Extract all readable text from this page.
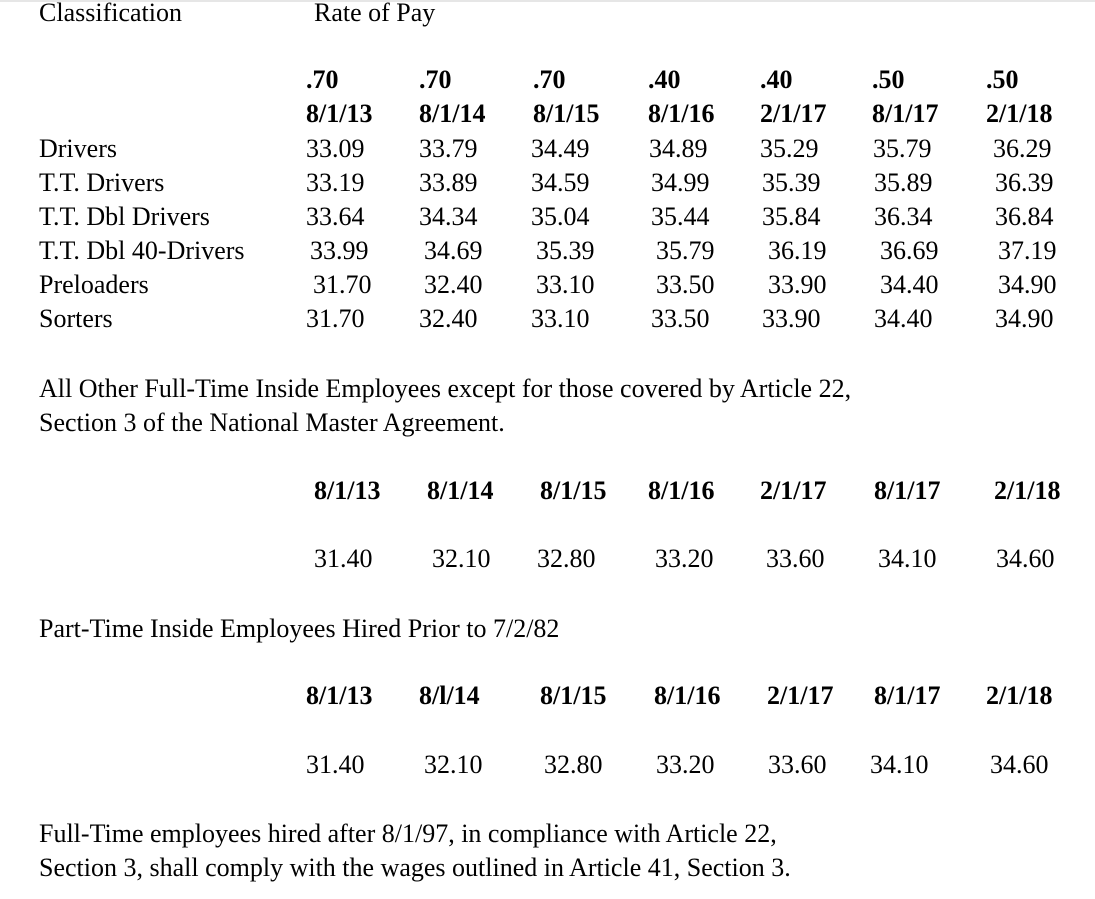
Classification	Rate of Pay
.70	.70	.70	.40	.40	.50	.50
8/1/13 8/1/14 8/1/15 8/1/16 2/1/17 8/1/17 2/1/18
Drivers	33.09 33.79 34.49 34.89 35.29 35.79 36.29
T.T. Drivers	33.19 33.89 34.59 34.99 35.39 35.89 36.39
T.T. Dbl Drivers	33.64 34.34 35.04 35.44 35.84 36.34 36.84
T.T. Dbl 40-Drivers	33.99 34.69 35.39 35.79 36.19 36.69 37.19
Preloaders	31.70 32.40 33.10 33.50 33.90 34.40 34.90
Sorters	31.70 32.40 33.10 33.50 33.90 34.40 34.90
All Other Full-Time Inside Employees except for those covered by Article 22,
Section 3 of the National Master Agreement.
8/1/13 8/1/14 8/1/15 8/1/16 2/1/17 8/1/17 2/1/18
31.40 32.10 32.80 33.20 33.60 34.10 34.60
Part-Time Inside Employees Hired Prior to 7/2/82
8/1/13 8/l/14 8/1/15 8/1/16 2/1/17 8/1/17 2/1/18
31.40 32.10 32.80 33.20 33.60 34.10 34.60
Full-Time employees hired after 8/1/97, in compliance with Article 22,
Section 3, shall comply with the wages outlined in Article 41, Section 3.
